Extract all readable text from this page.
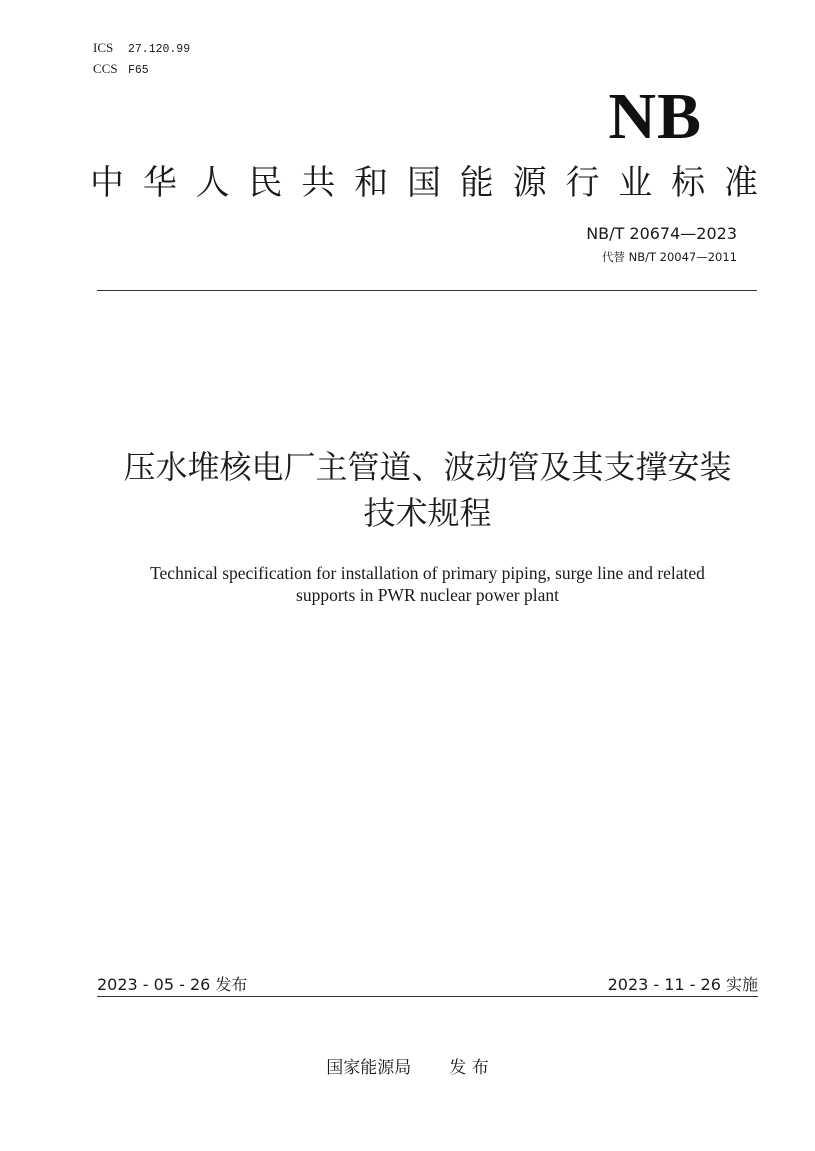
ICS 27.120.99
CCS F65
NB
中 华 人 民 共 和 国 能 源 行 业 标 准
NB/T 20674—2023
代替 NB/T 20047—2011
压水堆核电厂主管道、波动管及其支撑安装
技术规程
Technical specification for installation of primary piping, surge line and related
supports in PWR nuclear power plant
2023 - 05 - 26 发布	2023 - 11 - 26 实施
国家能源局 发 布
